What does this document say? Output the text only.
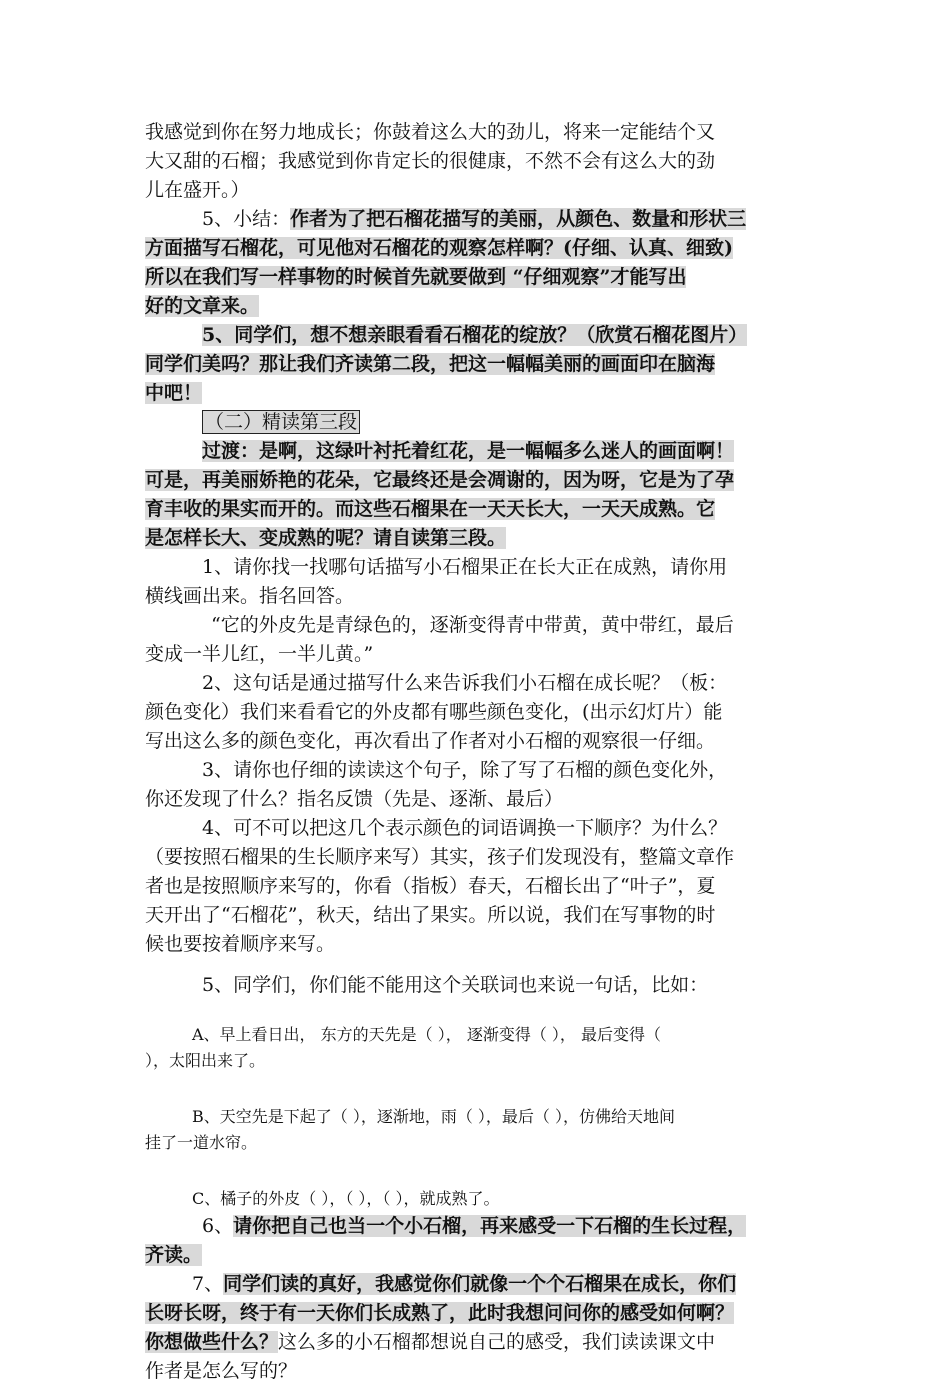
我感觉到你在努力地成长；你鼓着这么大的劲儿，将来一定能结个又
大又甜的石榴；我感觉到你肯定长的很健康，不然不会有这么大的劲
儿在盛开。）
5、小结：作者为了把石榴花描写的美丽，从颜色、数量和形状三
方面描写石榴花，可见他对石榴花的观察怎样啊？(仔细、认真、细致)
所以在我们写一样事物的时候首先就要做到 “仔细观察”才能写出
好的文章来。
5、同学们，想不想亲眼看看石榴花的绽放？（欣赏石榴花图片）
同学们美吗？那让我们齐读第二段，把这一幅幅美丽的画面印在脑海
中吧！
（二）精读第三段
过渡：是啊，这绿叶衬托着红花，是一幅幅多么迷人的画面啊！
可是，再美丽娇艳的花朵，它最终还是会凋谢的，因为呀，它是为了孕
育丰收的果实而开的。而这些石榴果在一天天长大，一天天成熟。它
是怎样长大、变成熟的呢？请自读第三段。
1、请你找一找哪句话描写小石榴果正在长大正在成熟，请你用
横线画出来。指名回答。
“它的外皮先是青绿色的，逐渐变得青中带黄，黄中带红，最后
变成一半儿红，一半儿黄。”
2、这句话是通过描写什么来告诉我们小石榴在成长呢？（板：
颜色变化）我们来看看它的外皮都有哪些颜色变化，(出示幻灯片）能
写出这么多的颜色变化，再次看出了作者对小石榴的观察很一仔细。
3、请你也仔细的读读这个句子，除了写了石榴的颜色变化外，
你还发现了什么？指名反馈（先是、逐渐、最后）
4、可不可以把这几个表示颜色的词语调换一下顺序？为什么？
（要按照石榴果的生长顺序来写）其实，孩子们发现没有，整篇文章作
者也是按照顺序来写的，你看（指板）春天，石榴长出了“叶子”，夏
天开出了“石榴花”，秋天，结出了果实。所以说，我们在写事物的时
候也要按着顺序来写。
5、同学们，你们能不能用这个关联词也来说一句话，比如：
A、早上看日出， 东方的天先是（ ）， 逐渐变得（ ）， 最后变得（
），太阳出来了。
B、天空先是下起了（ ），逐渐地，雨（ ），最后（ ），仿佛给天地间
挂了一道水帘。
C、橘子的外皮（ ），（ ），（ ），就成熟了。
6、请你把自己也当一个小石榴，再来感受一下石榴的生长过程，
齐读。
7、同学们读的真好，我感觉你们就像一个个石榴果在成长，你们
长呀长呀，终于有一天你们长成熟了，此时我想问问你的感受如何啊？
你想做些什么？这么多的小石榴都想说自己的感受，我们读读课文中
作者是怎么写的？
